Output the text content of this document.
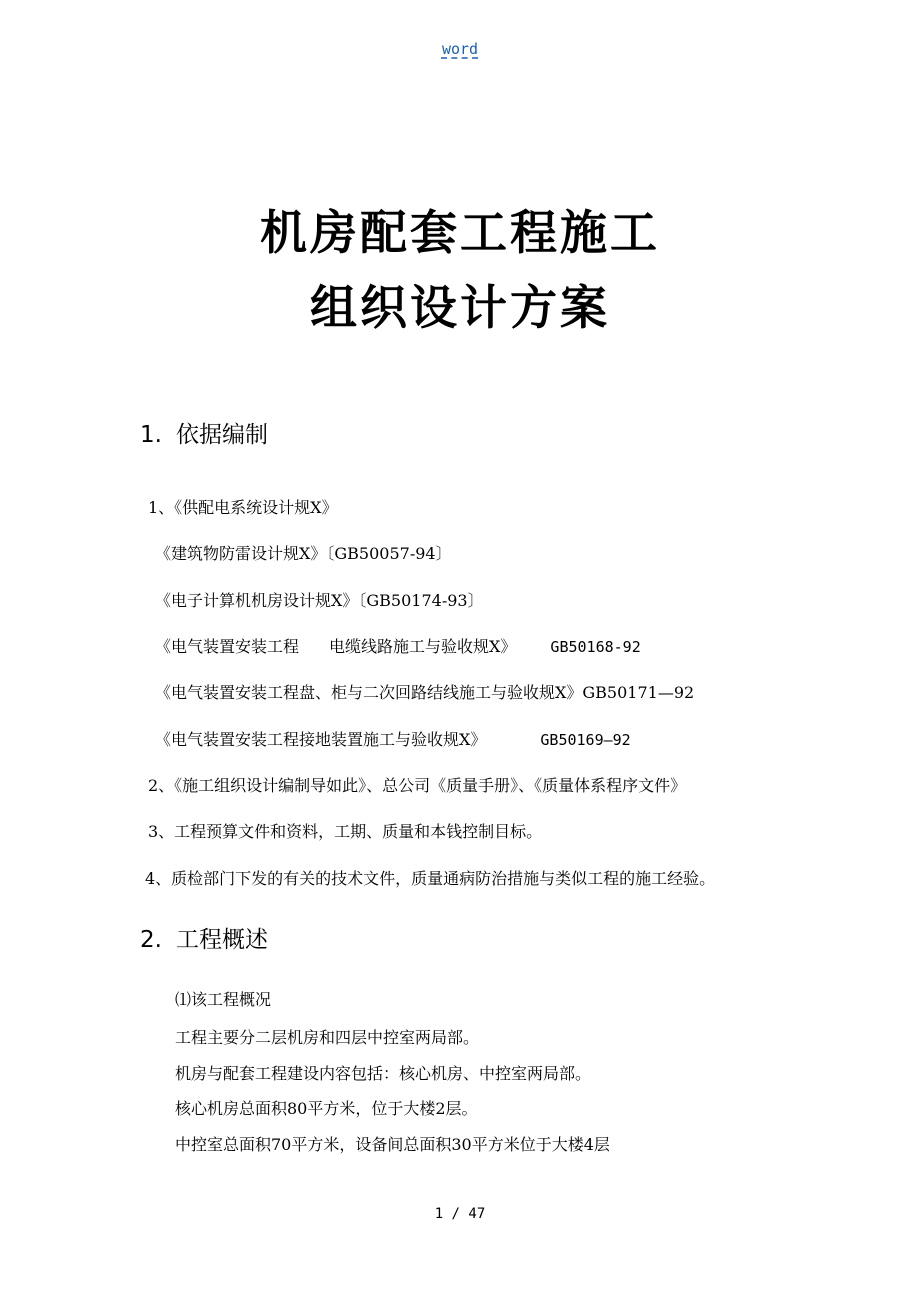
word
机房配套工程施工
组织设计方案
1. 依据编制
1、《供配电系统设计规X》
《建筑物防雷设计规X》〔GB50057-94〕
《电子计算机机房设计规X》〔GB50174-93〕
《电气装置安装工程 电缆线路施工与验收规X》 GB50168-92
《电气装置安装工程盘、柜与二次回路结线施工与验收规X》GB50171—92
《电气装置安装工程接地装置施工与验收规X》	GB50169—92
2、《施工组织设计编制导如此》、总公司《质量手册》、《质量体系程序文件》
3、工程预算文件和资料，工期、质量和本钱控制目标。
4、质检部门下发的有关的技术文件，质量通病防治措施与类似工程的施工经验。
2. 工程概述
⑴该工程概况
工程主要分二层机房和四层中控室两局部。
机房与配套工程建设内容包括：核心机房、中控室两局部。
核心机房总面积80平方米，位于大楼2层。
中控室总面积70平方米，设备间总面积30平方米位于大楼4层
1 / 47
